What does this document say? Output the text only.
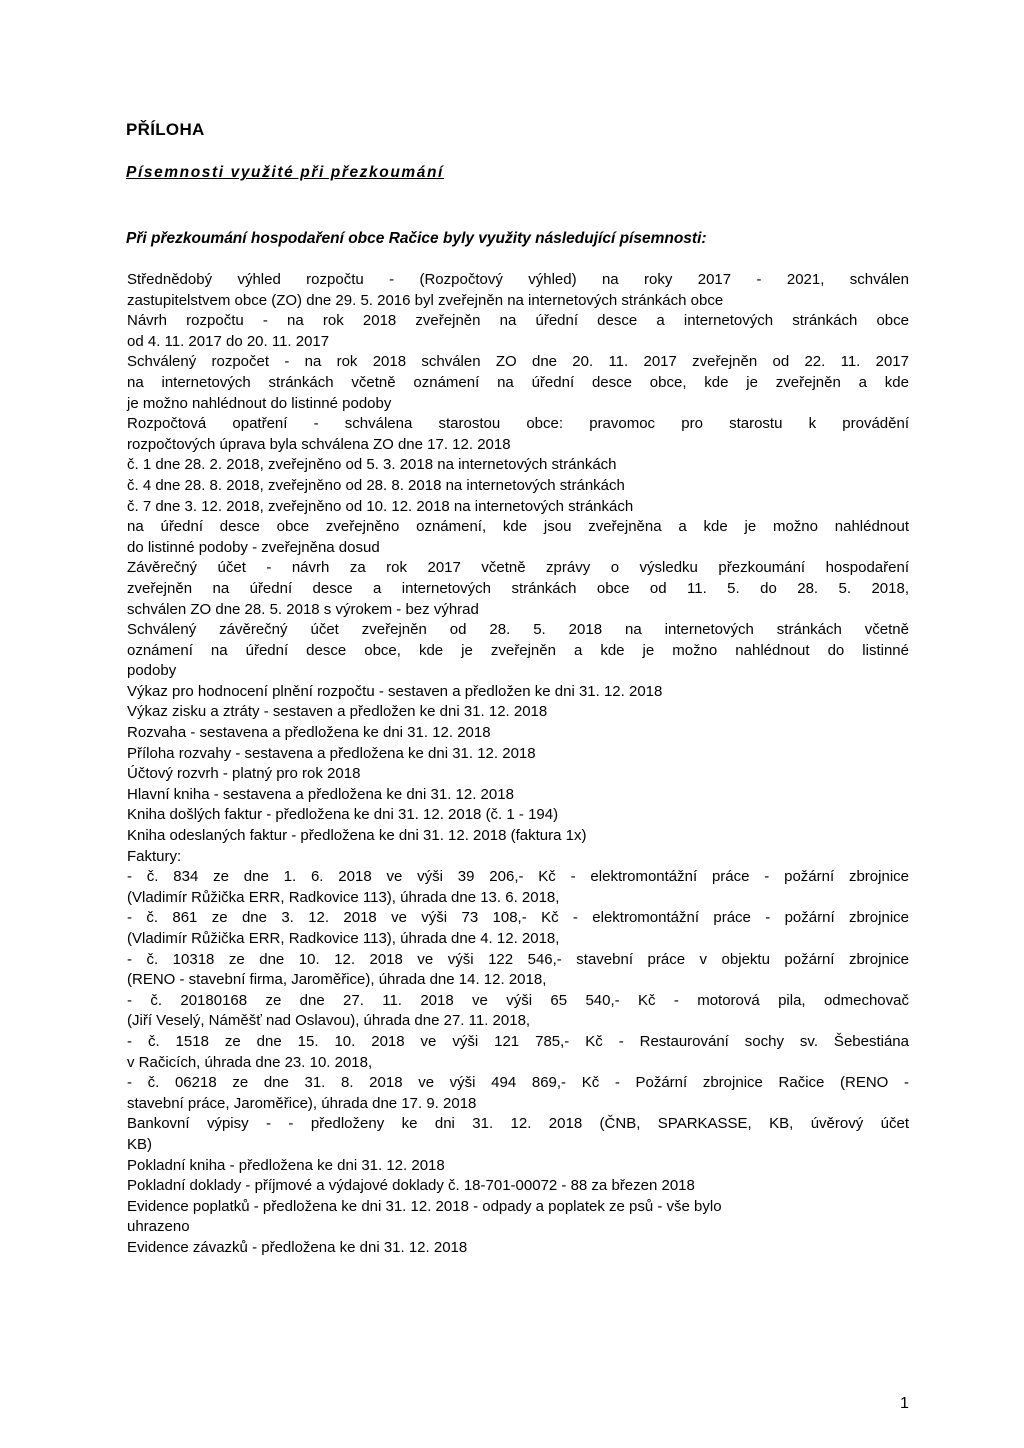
PŘÍLOHA
Písemnosti využité při přezkoumání
Při přezkoumání hospodaření obce Račice byly využity následující písemnosti:
Střednědobý výhled rozpočtu - (Rozpočtový výhled) na roky 2017 - 2021, schválen
zastupitelstvem obce (ZO) dne 29. 5. 2016 byl zveřejněn na internetových stránkách obce
Návrh rozpočtu - na rok 2018 zveřejněn na úřední desce a internetových stránkách obce
od 4. 11. 2017 do 20. 11. 2017
Schválený rozpočet - na rok 2018 schválen ZO dne 20. 11. 2017 zveřejněn od 22. 11. 2017
na internetových stránkách včetně oznámení na úřední desce obce, kde je zveřejněn a kde
je možno nahlédnout do listinné podoby
Rozpočtová opatření - schválena starostou obce: pravomoc pro starostu k provádění
rozpočtových úprava byla schválena ZO dne 17. 12. 2018
č. 1 dne 28. 2. 2018, zveřejněno od 5. 3. 2018 na internetových stránkách
č. 4 dne 28. 8. 2018, zveřejněno od 28. 8. 2018 na internetových stránkách
č. 7 dne 3. 12. 2018, zveřejněno od 10. 12. 2018 na internetových stránkách
na úřední desce obce zveřejněno oznámení, kde jsou zveřejněna a kde je možno nahlédnout
do listinné podoby - zveřejněna dosud
Závěrečný účet - návrh za rok 2017 včetně zprávy o výsledku přezkoumání hospodaření
zveřejněn na úřední desce a internetových stránkách obce od 11. 5. do 28. 5. 2018,
schválen ZO dne 28. 5. 2018 s výrokem - bez výhrad
Schválený závěrečný účet zveřejněn od 28. 5. 2018 na internetových stránkách včetně
oznámení na úřední desce obce, kde je zveřejněn a kde je možno nahlédnout do listinné
podoby
Výkaz pro hodnocení plnění rozpočtu - sestaven a předložen ke dni 31. 12. 2018
Výkaz zisku a ztráty - sestaven a předložen ke dni 31. 12. 2018
Rozvaha - sestavena a předložena ke dni 31. 12. 2018
Příloha rozvahy - sestavena a předložena ke dni 31. 12. 2018
Účtový rozvrh - platný pro rok 2018
Hlavní kniha - sestavena a předložena ke dni 31. 12. 2018
Kniha došlých faktur - předložena ke dni 31. 12. 2018 (č. 1 - 194)
Kniha odeslaných faktur - předložena ke dni 31. 12. 2018 (faktura 1x)
Faktury:
- č. 834 ze dne 1. 6. 2018 ve výši 39 206,- Kč - elektromontážní práce - požární zbrojnice
(Vladimír Růžička ERR, Radkovice 113), úhrada dne 13. 6. 2018,
- č. 861 ze dne 3. 12. 2018 ve výši 73 108,- Kč - elektromontážní práce - požární zbrojnice
(Vladimír Růžička ERR, Radkovice 113), úhrada dne 4. 12. 2018,
- č. 10318 ze dne 10. 12. 2018 ve výši 122 546,- stavební práce v objektu požární zbrojnice
(RENO - stavební firma, Jaroměřice), úhrada dne 14. 12. 2018,
- č. 20180168 ze dne 27. 11. 2018 ve výši 65 540,- Kč - motorová pila, odmechovač
(Jiří Veselý, Náměšť nad Oslavou), úhrada dne 27. 11. 2018,
- č. 1518 ze dne 15. 10. 2018 ve výši 121 785,- Kč - Restaurování sochy sv. Šebestiána
v Račicích, úhrada dne 23. 10. 2018,
- č. 06218 ze dne 31. 8. 2018 ve výši 494 869,- Kč - Požární zbrojnice Račice (RENO -
stavební práce, Jaroměřice), úhrada dne 17. 9. 2018
Bankovní výpisy - - předloženy ke dni 31. 12. 2018 (ČNB, SPARKASSE, KB, úvěrový účet
KB)
Pokladní kniha - předložena ke dni 31. 12. 2018
Pokladní doklady - příjmové a výdajové doklady č. 18-701-00072 - 88 za březen 2018
Evidence poplatků - předložena ke dni 31. 12. 2018 - odpady a poplatek ze psů - vše bylo
uhrazeno
Evidence závazků - předložena ke dni 31. 12. 2018
1
